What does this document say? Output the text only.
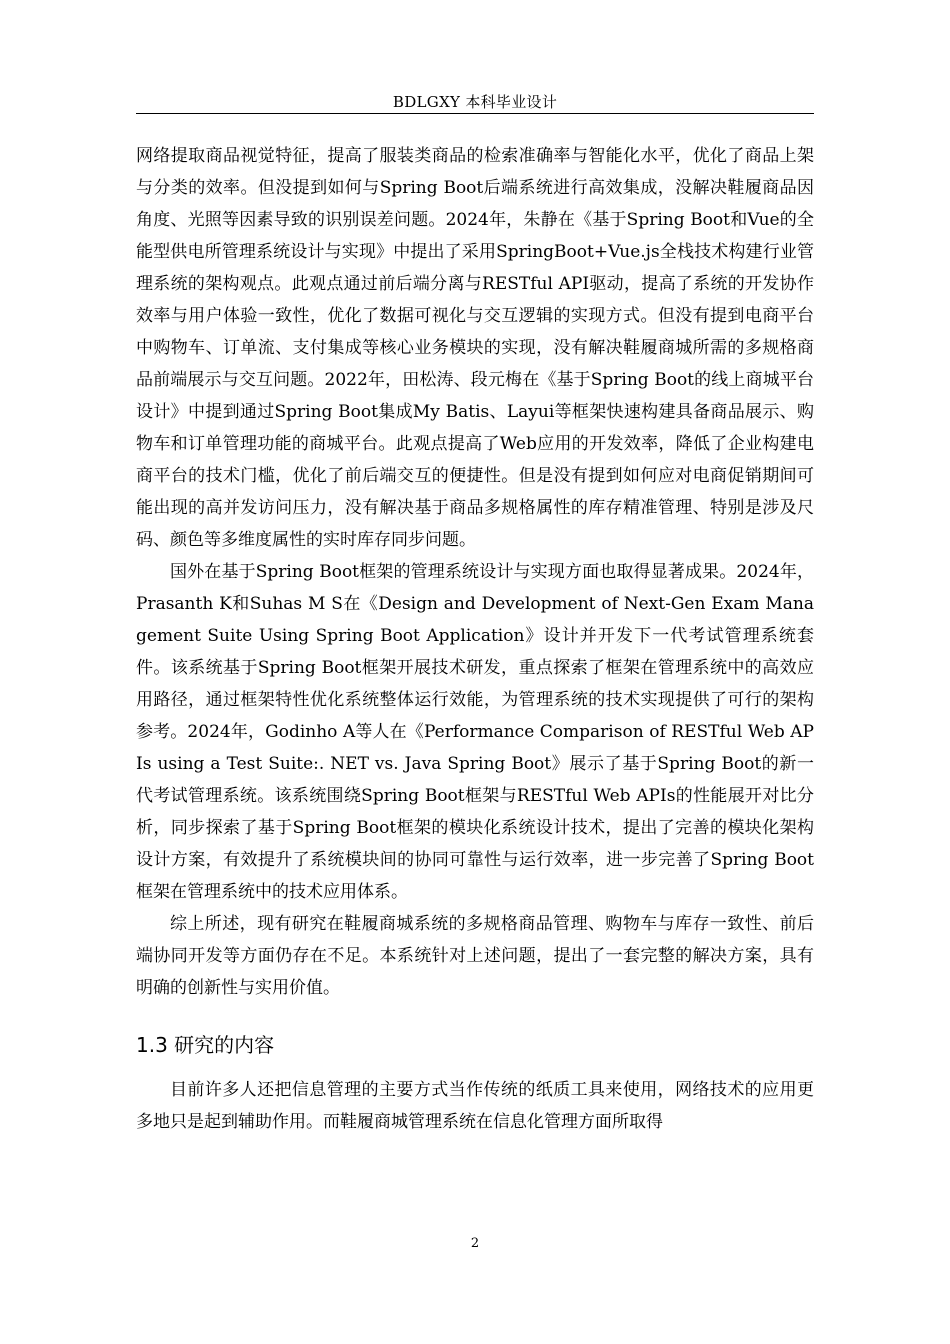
BDLGXY 本科毕业设计

网络提取商品视觉特征，提高了服装类商品的检索准确率与智能化水平，优化了商品上架与分类的效率。但没提到如何与Spring Boot后端系统进行高效集成，没解决鞋履商品因角度、光照等因素导致的识别误差问题。2024年，朱静在《基于Spring Boot和Vue的全能型供电所管理系统设计与实现》中提出了采用SpringBoot+Vue.js全栈技术构建行业管理系统的架构观点。此观点通过前后端分离与RESTful API驱动，提高了系统的开发协作效率与用户体验一致性，优化了数据可视化与交互逻辑的实现方式。但没有提到电商平台中购物车、订单流、支付集成等核心业务模块的实现，没有解决鞋履商城所需的多规格商品前端展示与交互问题。2022年，田松涛、段元梅在《基于Spring Boot的线上商城平台设计》中提到通过Spring Boot集成My Batis、Layui等框架快速构建具备商品展示、购物车和订单管理功能的商城平台。此观点提高了Web应用的开发效率，降低了企业构建电商平台的技术门槛，优化了前后端交互的便捷性。但是没有提到如何应对电商促销期间可能出现的高并发访问压力，没有解决基于商品多规格属性的库存精准管理、特别是涉及尺码、颜色等多维度属性的实时库存同步问题。

国外在基于Spring Boot框架的管理系统设计与实现方面也取得显著成果。2024年，Prasanth K和Suhas M S在《Design and Development of Next-Gen Exam Management Suite Using Spring Boot Application》设计并开发下一代考试管理系统套件。该系统基于Spring Boot框架开展技术研发，重点探索了框架在管理系统中的高效应用路径，通过框架特性优化系统整体运行效能，为管理系统的技术实现提供了可行的架构参考。2024年，Godinho A等人在《Performance Comparison of RESTful Web APIs using a Test Suite:. NET vs. Java Spring Boot》展示了基于Spring Boot的新一代考试管理系统。该系统围绕Spring Boot框架与RESTful Web APIs的性能展开对比分析，同步探索了基于Spring Boot框架的模块化系统设计技术，提出了完善的模块化架构设计方案，有效提升了系统模块间的协同可靠性与运行效率，进一步完善了Spring Boot框架在管理系统中的技术应用体系。

综上所述，现有研究在鞋履商城系统的多规格商品管理、购物车与库存一致性、前后端协同开发等方面仍存在不足。本系统针对上述问题，提出了一套完整的解决方案，具有明确的创新性与实用价值。

1.3 研究的内容

目前许多人还把信息管理的主要方式当作传统的纸质工具来使用，网络技术的应用更多地只是起到辅助作用。而鞋履商城管理系统在信息化管理方面所取得

2
